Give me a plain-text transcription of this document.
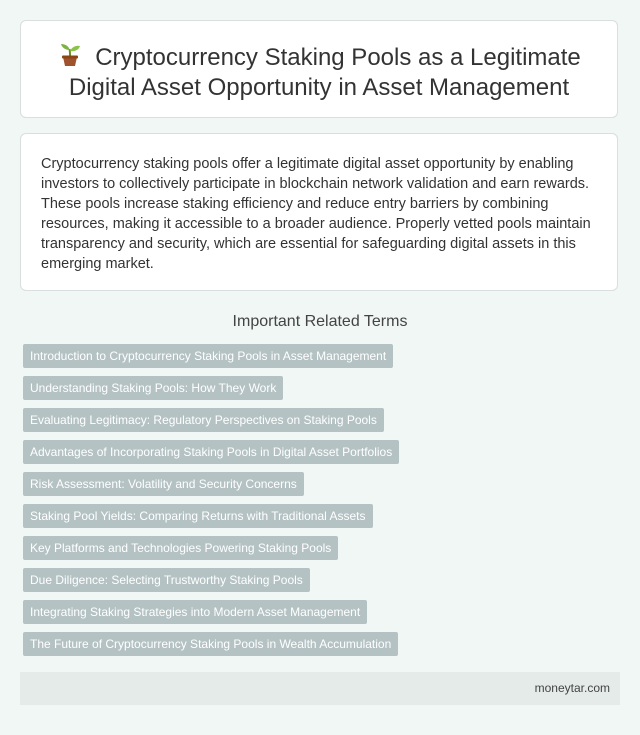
Cryptocurrency Staking Pools as a Legitimate Digital Asset Opportunity in Asset Management

Cryptocurrency staking pools offer a legitimate digital asset opportunity by enabling investors to collectively participate in blockchain network validation and earn rewards. These pools increase staking efficiency and reduce entry barriers by combining resources, making it accessible to a broader audience. Properly vetted pools maintain transparency and security, which are essential for safeguarding digital assets in this emerging market.

Important Related Terms
Introduction to Cryptocurrency Staking Pools in Asset Management
Understanding Staking Pools: How They Work
Evaluating Legitimacy: Regulatory Perspectives on Staking Pools
Advantages of Incorporating Staking Pools in Digital Asset Portfolios
Risk Assessment: Volatility and Security Concerns
Staking Pool Yields: Comparing Returns with Traditional Assets
Key Platforms and Technologies Powering Staking Pools
Due Diligence: Selecting Trustworthy Staking Pools
Integrating Staking Strategies into Modern Asset Management
The Future of Cryptocurrency Staking Pools in Wealth Accumulation
moneytar.com
